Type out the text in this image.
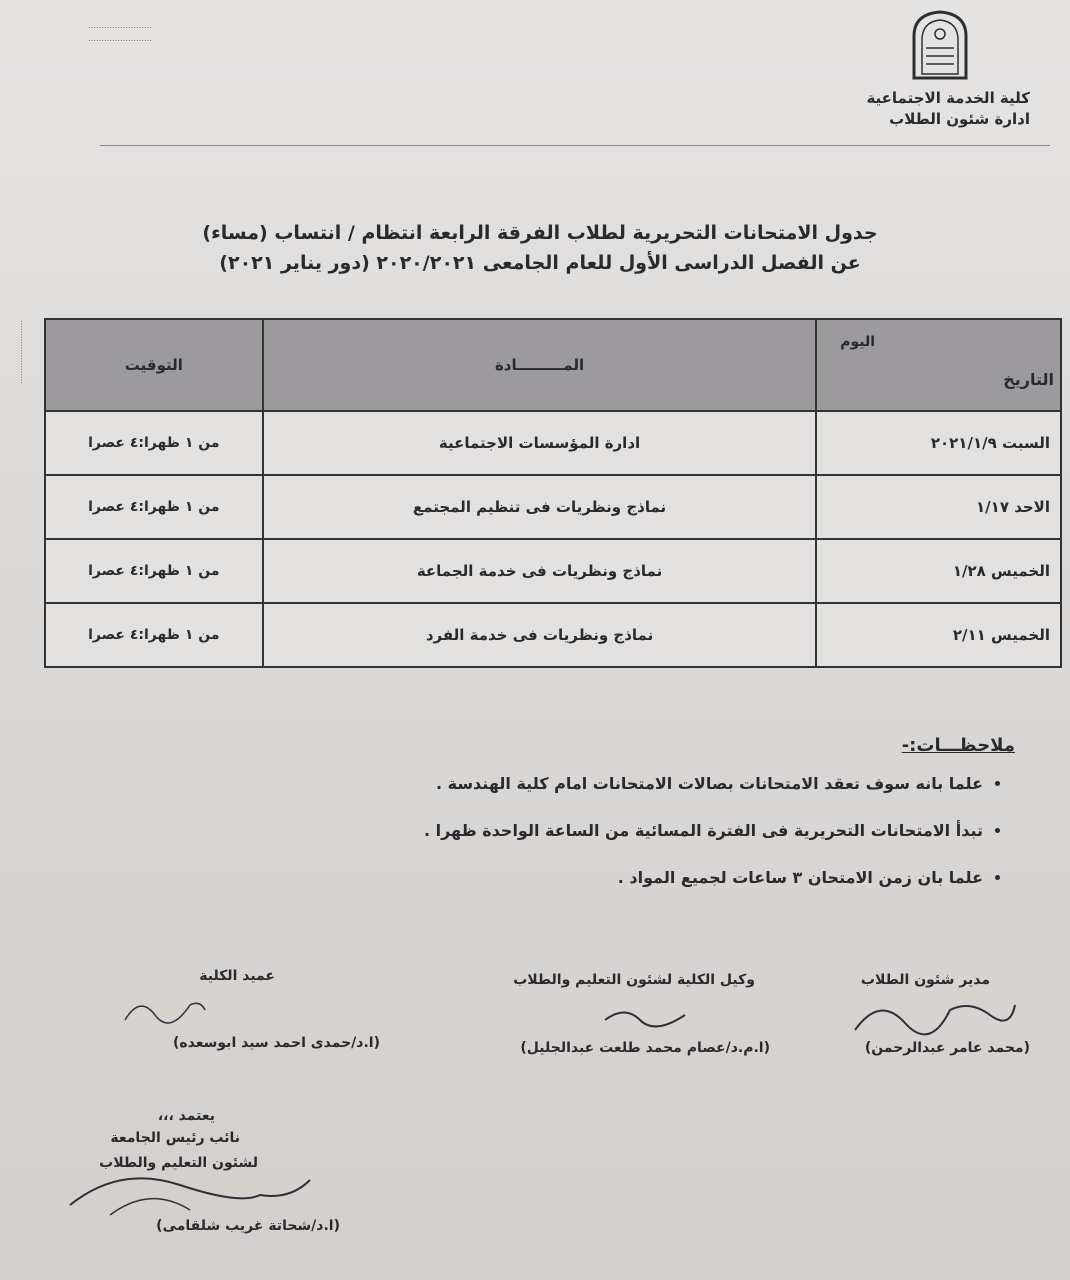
……………………
……………………
كلية الخدمة الاجتماعية
ادارة شئون الطلاب
جدول الامتحانات التحريرية لطلاب الفرقة الرابعة انتظام / انتساب (مساء)
عن الفصل الدراسى الأول للعام الجامعى ٢٠٢٠/٢٠٢١ (دور يناير ٢٠٢١)
……………………	اليوم
التاريخ	المـــــــــادة	التوقيت
السبت ٢٠٢١/١/٩	ادارة المؤسسات الاجتماعية	من ١ ظهرا:٤ عصرا
الاحد ١/١٧	نماذج ونظريات فى تنظيم المجتمع	من ١ ظهرا:٤ عصرا
الخميس ١/٢٨	نماذج ونظريات فى خدمة الجماعة	من ١ ظهرا:٤ عصرا
الخميس ٢/١١	نماذج ونظريات فى خدمة الفرد	من ١ ظهرا:٤ عصرا
ملاحظـــات:-
• علما بانه سوف تعقد الامتحانات بصالات الامتحانات امام كلية الهندسة .
• تبدأ الامتحانات التحريرية فى الفترة المسائية من الساعة الواحدة ظهرا .
• علما بان زمن الامتحان ٣ ساعات لجميع المواد .
مدير شئون الطلاب
(محمد عامر عبدالرحمن)
وكيل الكلية لشئون التعليم والطلاب
(ا.م.د/عصام محمد طلعت عبدالجليل)
عميد الكلية
(ا.د/حمدى احمد سيد ابوسعده)
يعتمد ،،،
نائب رئيس الجامعة
لشئون التعليم والطلاب
(ا.د/شحاتة غريب شلقامى)
